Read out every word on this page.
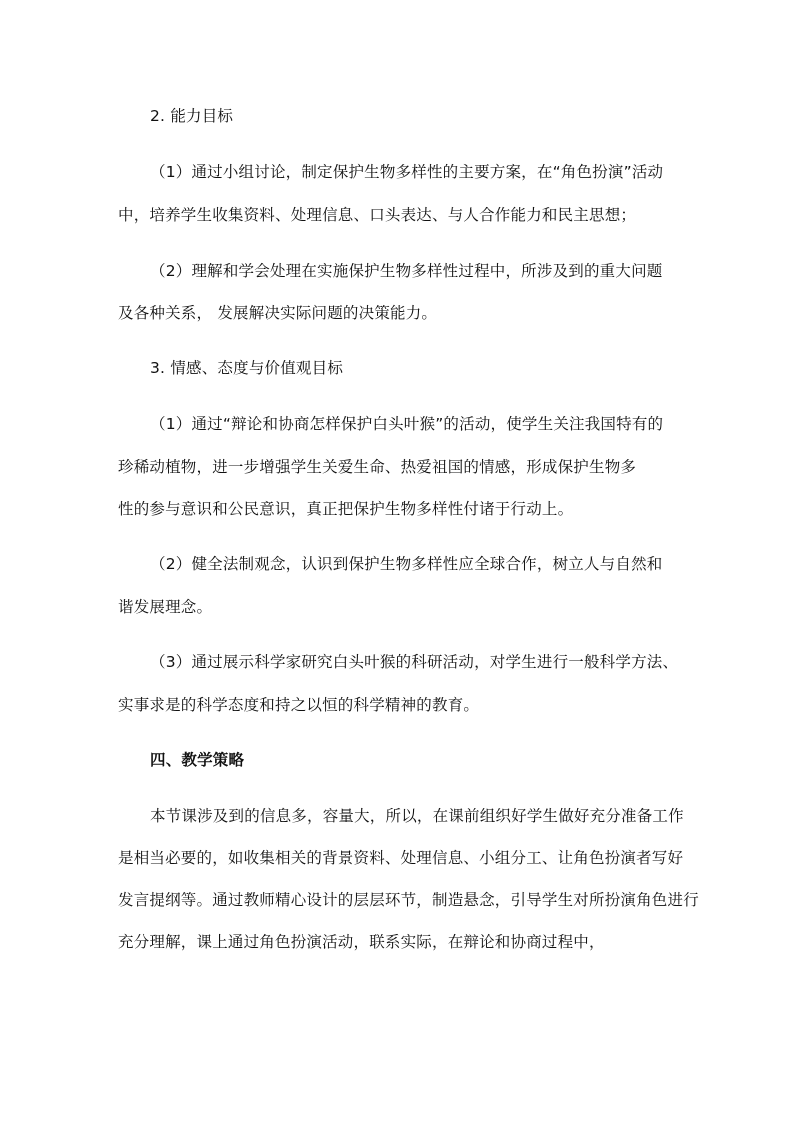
2. 能力目标
（1）通过小组讨论，制定保护生物多样性的主要方案，在“角色扮演”活动
中，培养学生收集资料、处理信息、口头表达、与人合作能力和民主思想；
（2）理解和学会处理在实施保护生物多样性过程中，所涉及到的重大问题
及各种关系， 发展解决实际问题的决策能力。
3. 情感、态度与价值观目标
（1）通过“辩论和协商怎样保护白头叶猴”的活动，使学生关注我国特有的
珍稀动植物，进一步增强学生关爱生命、热爱祖国的情感，形成保护生物多
性的参与意识和公民意识，真正把保护生物多样性付诸于行动上。
（2）健全法制观念，认识到保护生物多样性应全球合作，树立人与自然和
谐发展理念。
（3）通过展示科学家研究白头叶猴的科研活动，对学生进行一般科学方法、
实事求是的科学态度和持之以恒的科学精神的教育。
四、教学策略
本节课涉及到的信息多，容量大，所以，在课前组织好学生做好充分准备工作
是相当必要的，如收集相关的背景资料、处理信息、小组分工、让角色扮演者写好
发言提纲等。通过教师精心设计的层层环节，制造悬念，引导学生对所扮演角色进行
充分理解，课上通过角色扮演活动，联系实际，在辩论和协商过程中，
